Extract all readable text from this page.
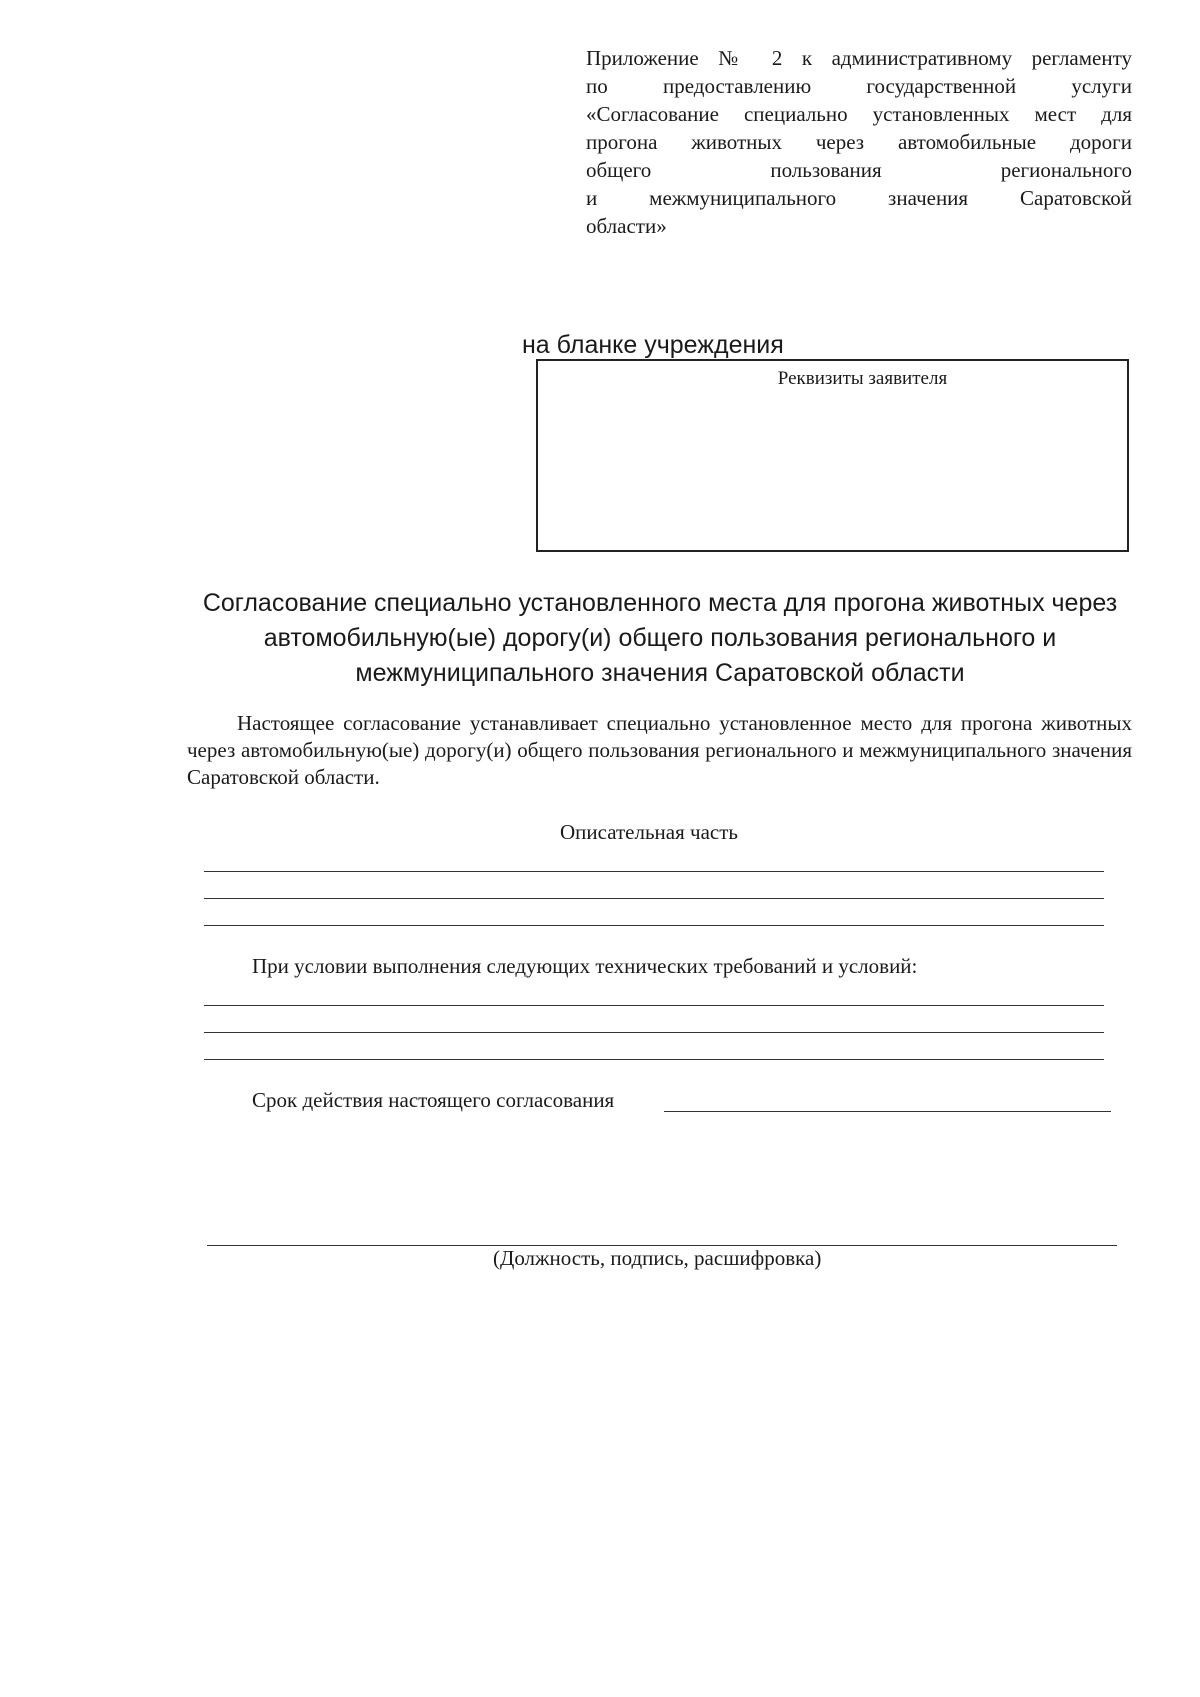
Приложение № 2 к административному регламенту
по предоставлению государственной услуги
«Согласование специально установленных мест для
прогона животных через автомобильные дороги
общего пользования регионального
и межмуниципального значения Саратовской
области»
на бланке учреждения
Реквизиты заявителя
Согласование специально установленного места для прогона животных через
автомобильную(ые) дорогу(и) общего пользования регионального и
межмуниципального значения Саратовской области
Настоящее согласование устанавливает специально установленное место для прогона животных через автомобильную(ые) дорогу(и) общего пользования регионального и межмуниципального значения Саратовской области.
Описательная часть
При условии выполнения следующих технических требований и условий:
Срок действия настоящего согласования
(Должность, подпись, расшифровка)
